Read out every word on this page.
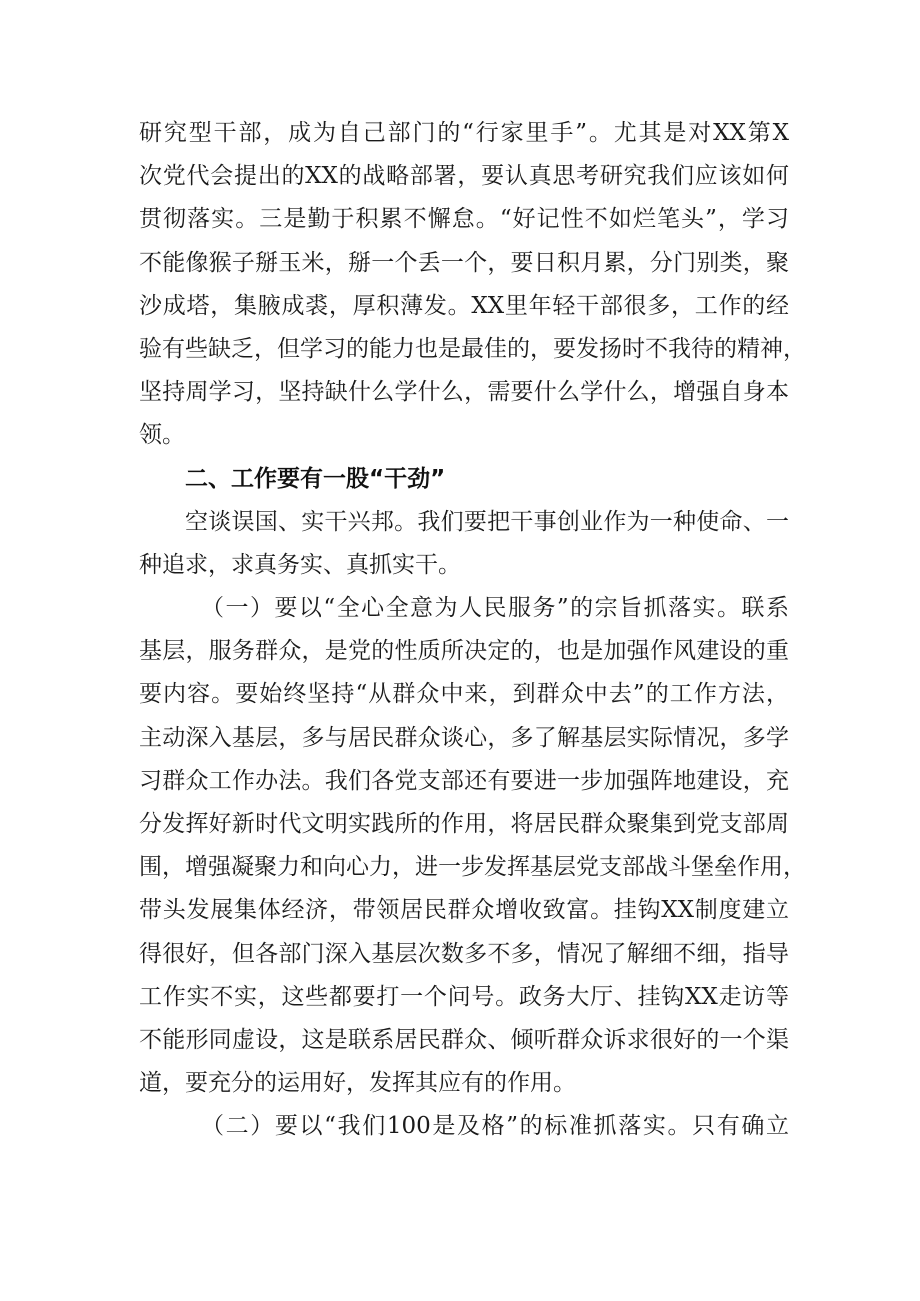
研究型干部，成为自己部门的“行家里手”。尤其是对XX第X
次党代会提出的XX的战略部署，要认真思考研究我们应该如何
贯彻落实。三是勤于积累不懈怠。“好记性不如烂笔头”，学习
不能像猴子掰玉米，掰一个丢一个，要日积月累，分门别类，聚
沙成塔，集腋成裘，厚积薄发。XX里年轻干部很多，工作的经
验有些缺乏，但学习的能力也是最佳的，要发扬时不我待的精神，
坚持周学习，坚持缺什么学什么，需要什么学什么，增强自身本
领。
二、工作要有一股“干劲”
空谈误国、实干兴邦。我们要把干事创业作为一种使命、一
种追求，求真务实、真抓实干。
（一）要以“全心全意为人民服务”的宗旨抓落实。联系
基层，服务群众，是党的性质所决定的，也是加强作风建设的重
要内容。要始终坚持“从群众中来，到群众中去”的工作方法，
主动深入基层，多与居民群众谈心，多了解基层实际情况，多学
习群众工作办法。我们各党支部还有要进一步加强阵地建设，充
分发挥好新时代文明实践所的作用，将居民群众聚集到党支部周
围，增强凝聚力和向心力，进一步发挥基层党支部战斗堡垒作用，
带头发展集体经济，带领居民群众增收致富。挂钩XX制度建立
得很好，但各部门深入基层次数多不多，情况了解细不细，指导
工作实不实，这些都要打一个问号。政务大厅、挂钩XX走访等
不能形同虚设，这是联系居民群众、倾听群众诉求很好的一个渠
道，要充分的运用好，发挥其应有的作用。
（二）要以“我们100是及格”的标准抓落实。只有确立
